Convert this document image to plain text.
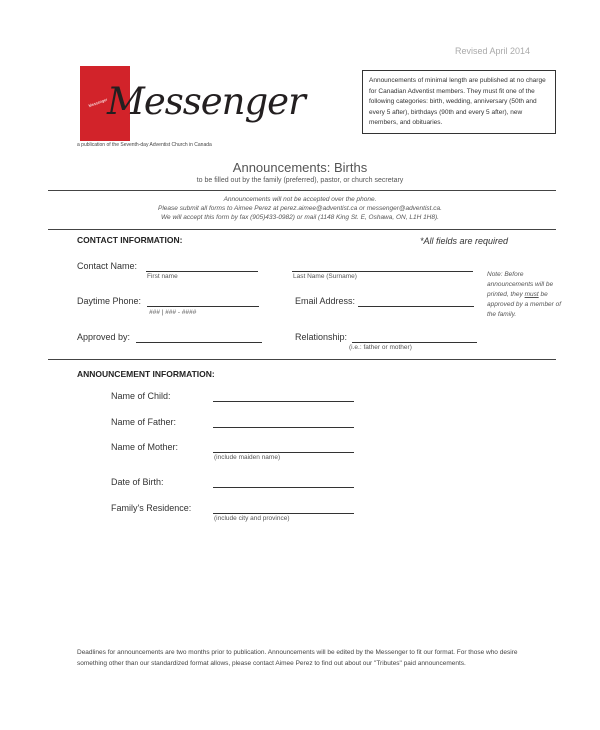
Revised April 2014
Messenger
Messenger
a publication of the Seventh-day Adventist Church in Canada
Announcements of minimal length are published at no charge for Canadian Adventist members. They must fit one of the following categories: birth, wedding, anniversary (50th and every 5 after), birthdays (90th and every 5 after), new members, and obituaries.
Announcements: Births
to be filled out by the family (preferred), pastor, or church secretary
Announcements will not be accepted over the phone.
Please submit all forms to Aimee Perez at perez.aimee@adventist.ca or messenger@adventist.ca.
We will accept this form by fax (905)433-0982) or mail (1148 King St. E, Oshawa, ON, L1H 1H8).
CONTACT INFORMATION:	*All fields are required
Contact Name:
First name	Last Name (Surname)
Daytime Phone:
### | ### - ####
Email Address:
Note: Before announcements will be printed, they must be approved by a member of the family.
Approved by:	Relationship:
(i.e.: father or mother)
ANNOUNCEMENT INFORMATION:
Name of Child:
Name of Father:
Name of Mother:
(include maiden name)
Date of Birth:
Family's Residence:
(include city and province)
Deadlines for announcements are two months prior to publication. Announcements will be edited by the Messenger to fit our format. For those who desire something other than our standardized format allows, please contact Aimee Perez to find out about our "Tributes" paid announcements.
